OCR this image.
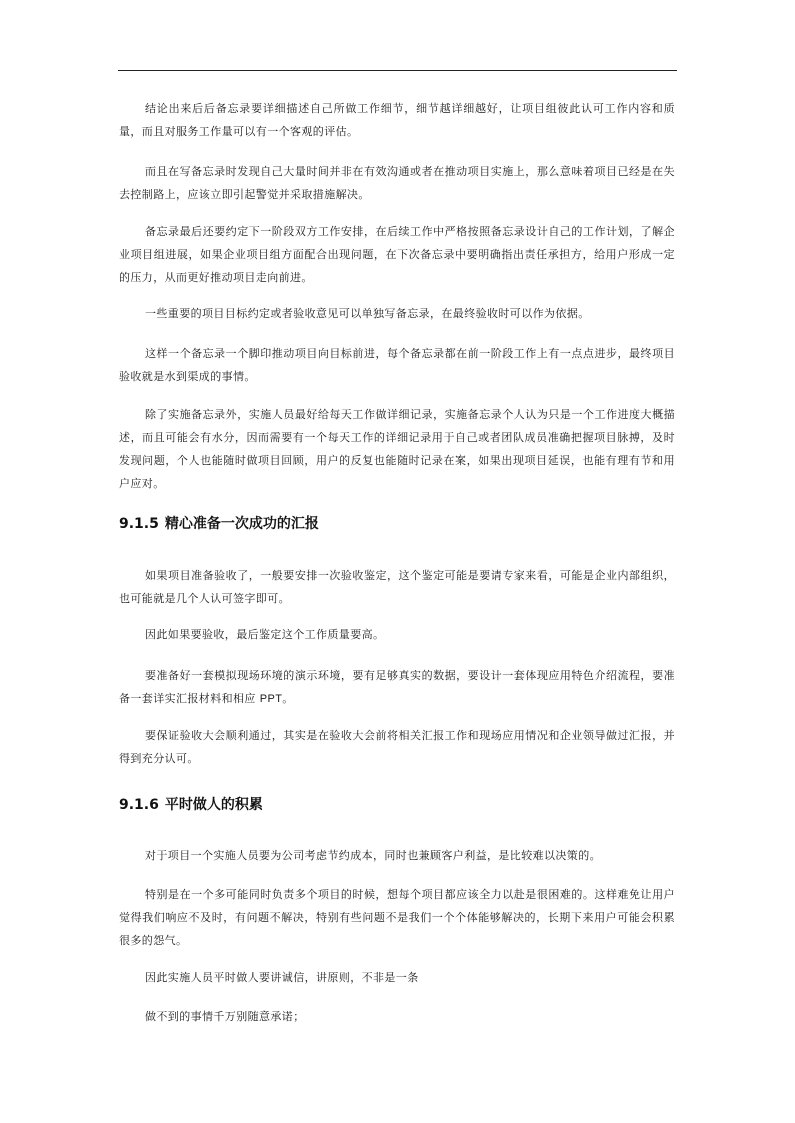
结论出来后后备忘录要详细描述自己所做工作细节，细节越详细越好，让项目组彼此认可工作内容和质量，而且对服务工作量可以有一个客观的评估。

而且在写备忘录时发现自己大量时间并非在有效沟通或者在推动项目实施上，那么意味着项目已经是在失去控制路上，应该立即引起警觉并采取措施解决。

备忘录最后还要约定下一阶段双方工作安排，在后续工作中严格按照备忘录设计自己的工作计划，了解企业项目组进展，如果企业项目组方面配合出现问题，在下次备忘录中要明确指出责任承担方，给用户形成一定的压力，从而更好推动项目走向前进。

一些重要的项目目标约定或者验收意见可以单独写备忘录，在最终验收时可以作为依据。

这样一个备忘录一个脚印推动项目向目标前进，每个备忘录都在前一阶段工作上有一点点进步，最终项目验收就是水到渠成的事情。

除了实施备忘录外，实施人员最好给每天工作做详细记录，实施备忘录个人认为只是一个工作进度大概描述，而且可能会有水分，因而需要有一个每天工作的详细记录用于自己或者团队成员准确把握项目脉搏，及时发现问题，个人也能随时做项目回顾，用户的反复也能随时记录在案，如果出现项目延误，也能有理有节和用户应对。

9.1.5 精心准备一次成功的汇报

如果项目准备验收了，一般要安排一次验收鉴定，这个鉴定可能是要请专家来看，可能是企业内部组织，也可能就是几个人认可签字即可。

因此如果要验收，最后鉴定这个工作质量要高。

要准备好一套模拟现场环境的演示环境，要有足够真实的数据，要设计一套体现应用特色介绍流程，要准备一套详实汇报材料和相应 PPT。

要保证验收大会顺利通过，其实是在验收大会前将相关汇报工作和现场应用情况和企业领导做过汇报，并得到充分认可。

9.1.6 平时做人的积累

对于项目一个实施人员要为公司考虑节约成本，同时也兼顾客户利益，是比较难以决策的。

特别是在一个多可能同时负责多个项目的时候，想每个项目都应该全力以赴是很困难的。这样难免让用户觉得我们响应不及时，有问题不解决，特别有些问题不是我们一个个体能够解决的，长期下来用户可能会积累很多的怨气。

因此实施人员平时做人要讲诚信，讲原则，不非是一条

做不到的事情千万别随意承诺；
